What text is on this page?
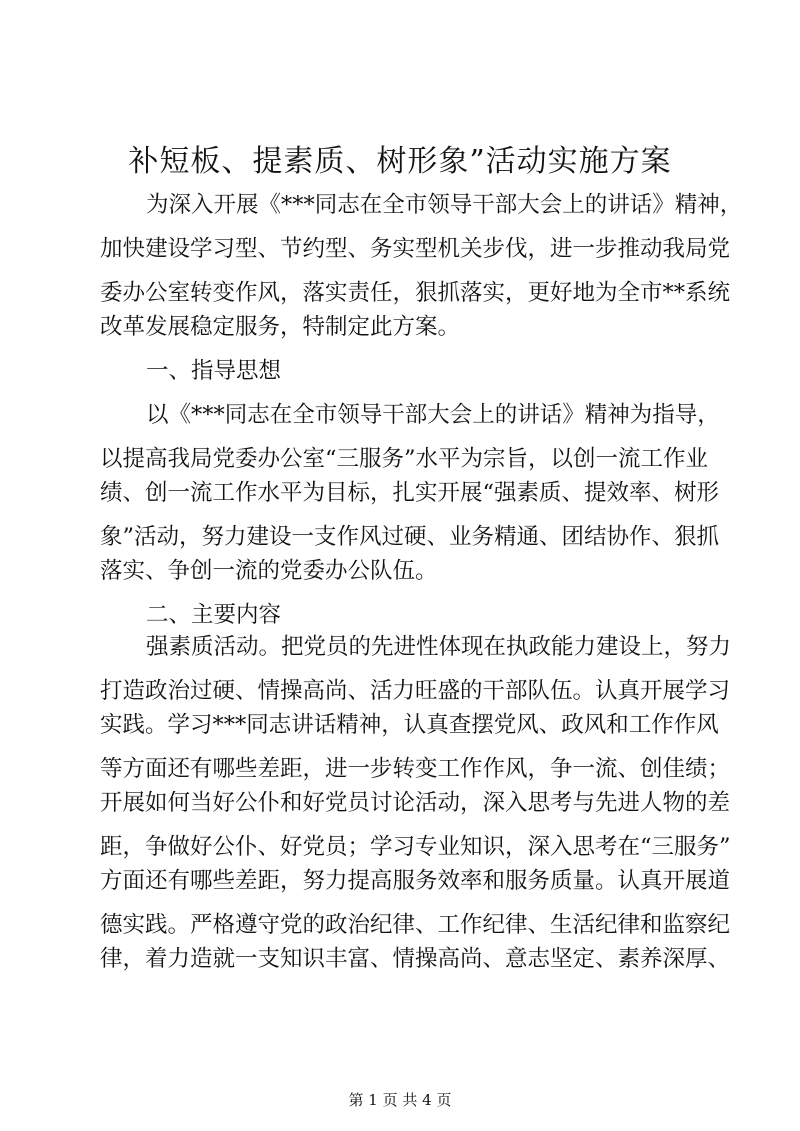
补短板、提素质、树形象”活动实施方案
为深入开展《***同志在全市领导干部大会上的讲话》精神，
加快建设学习型、节约型、务实型机关步伐，进一步推动我局党
委办公室转变作风，落实责任，狠抓落实，更好地为全市**系统
改革发展稳定服务，特制定此方案。
一、指导思想
以《***同志在全市领导干部大会上的讲话》精神为指导，
以提高我局党委办公室“三服务”水平为宗旨，以创一流工作业
绩、创一流工作水平为目标，扎实开展“强素质、提效率、树形
象”活动，努力建设一支作风过硬、业务精通、团结协作、狠抓
落实、争创一流的党委办公队伍。
二、主要内容
强素质活动。把党员的先进性体现在执政能力建设上，努力
打造政治过硬、情操高尚、活力旺盛的干部队伍。认真开展学习
实践。学习***同志讲话精神，认真查摆党风、政风和工作作风
等方面还有哪些差距，进一步转变工作作风，争一流、创佳绩；
开展如何当好公仆和好党员讨论活动，深入思考与先进人物的差
距，争做好公仆、好党员；学习专业知识，深入思考在“三服务”
方面还有哪些差距，努力提高服务效率和服务质量。认真开展道
德实践。严格遵守党的政治纪律、工作纪律、生活纪律和监察纪
律，着力造就一支知识丰富、情操高尚、意志坚定、素养深厚、
第 1 页 共 4 页
